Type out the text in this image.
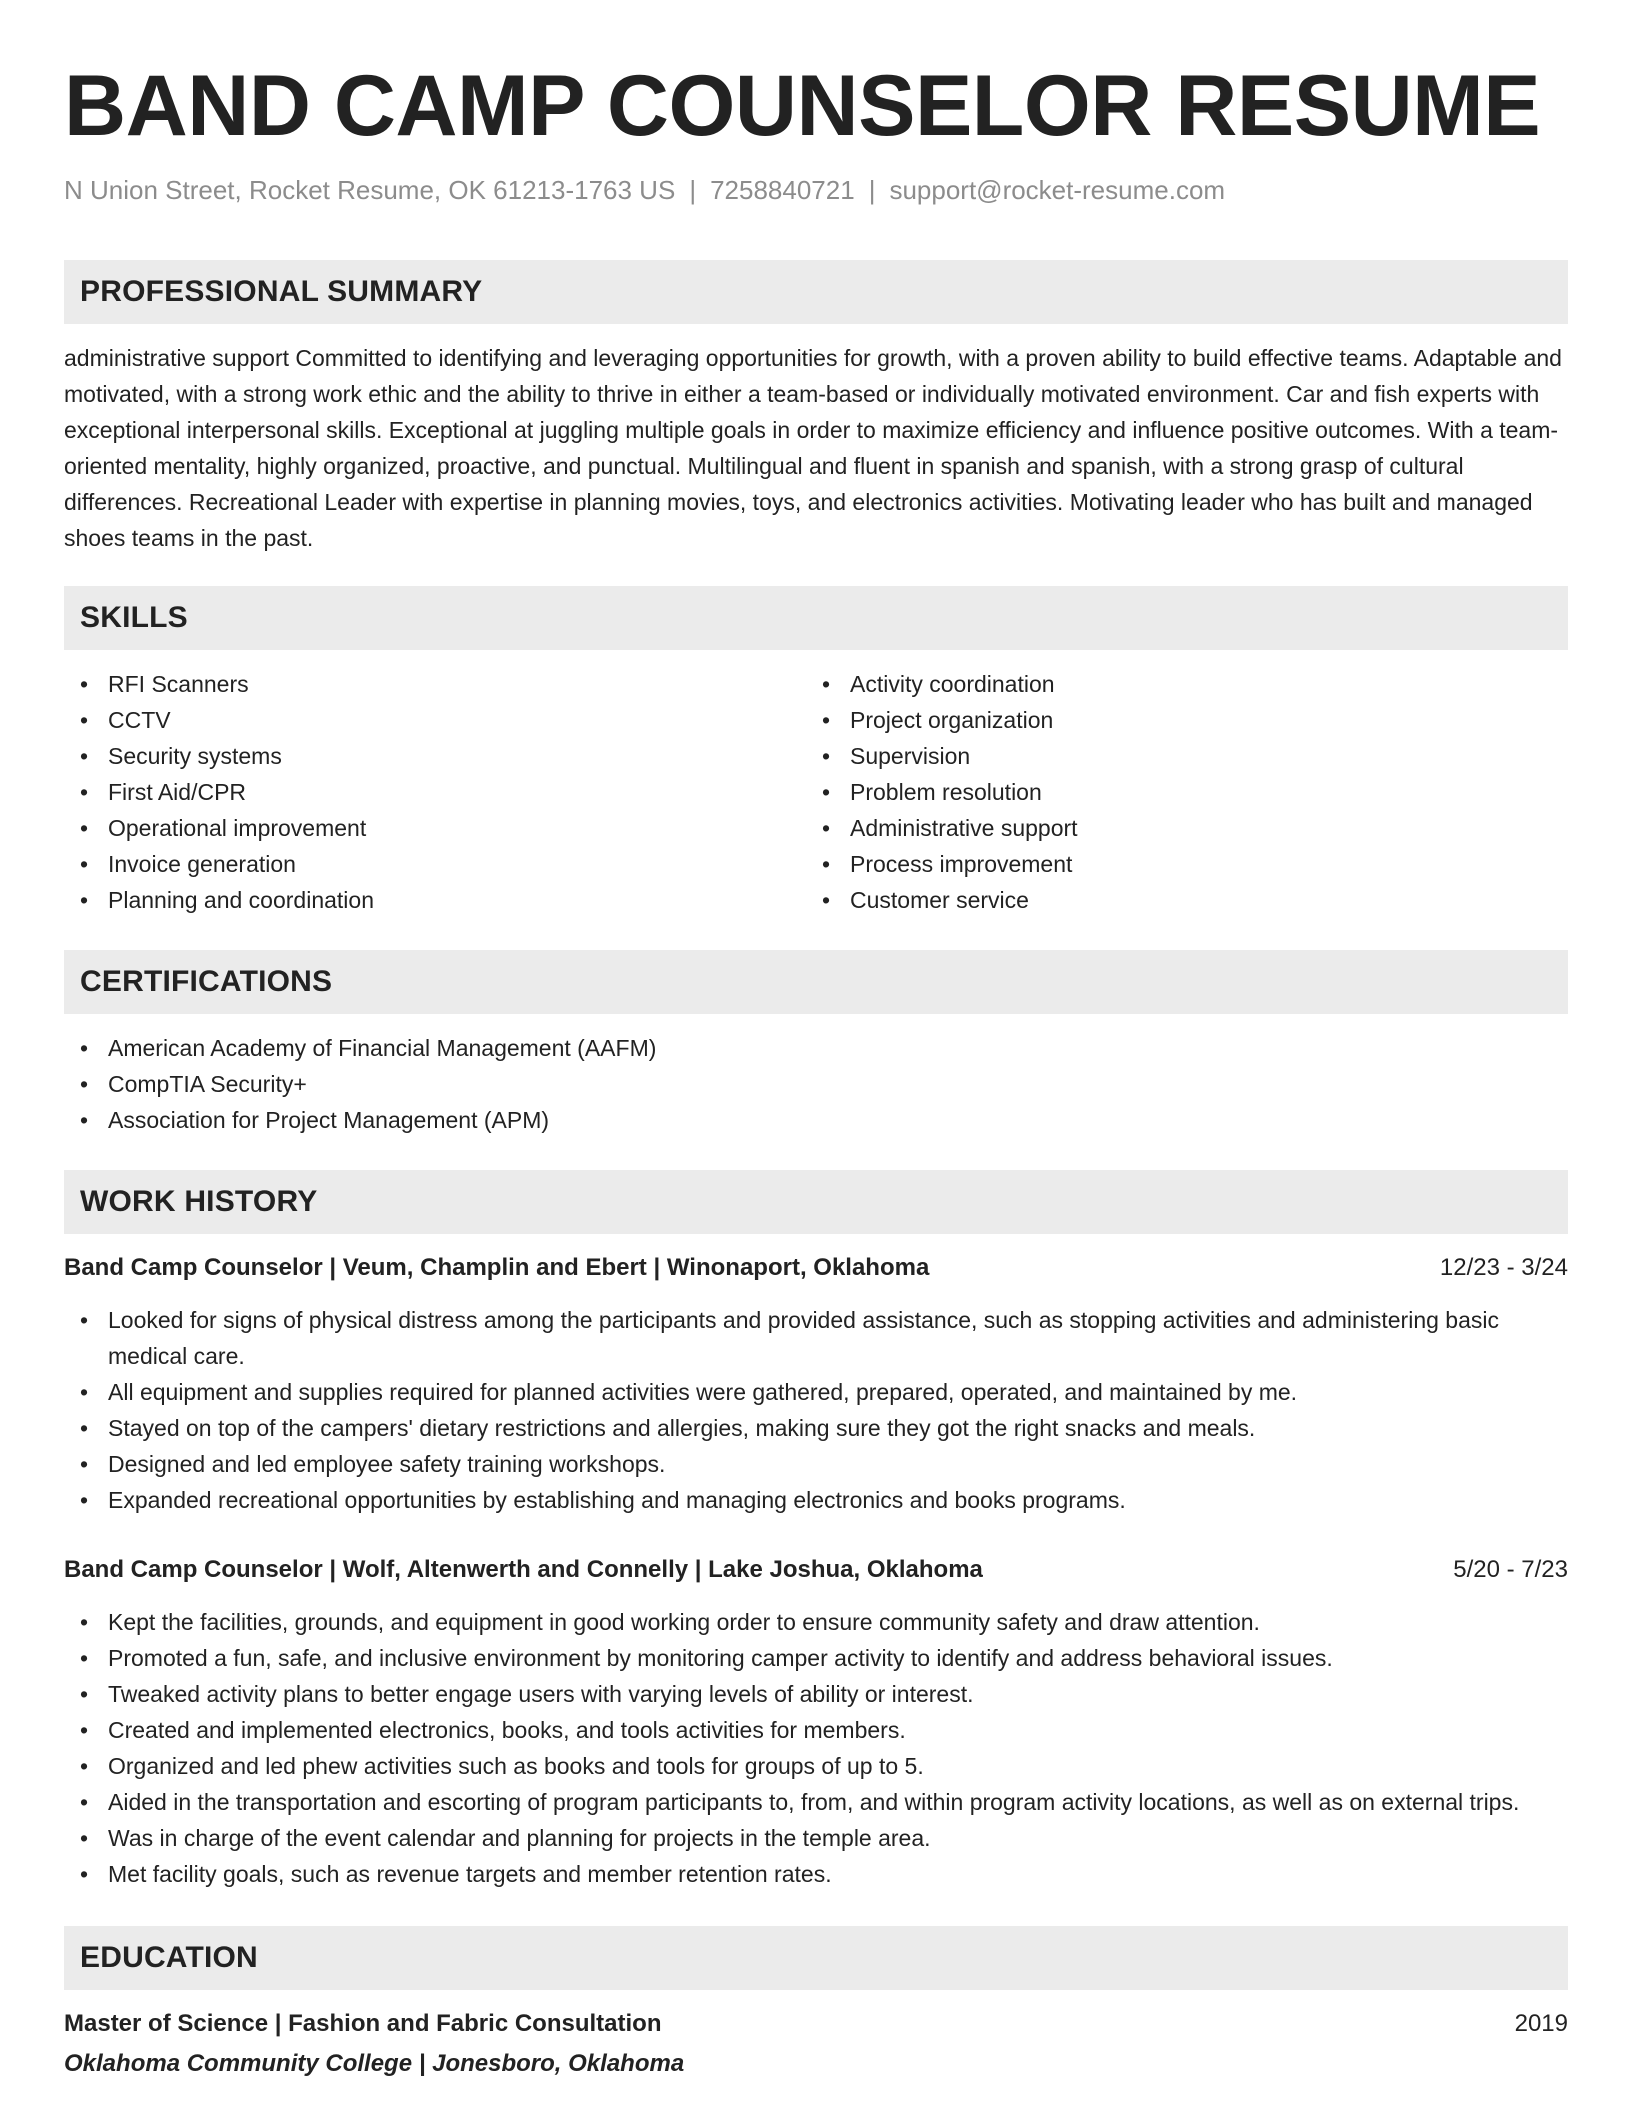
BAND CAMP COUNSELOR RESUME
N Union Street, Rocket Resume, OK 61213-1763 US | 7258840721 | support@rocket-resume.com
PROFESSIONAL SUMMARY
administrative support Committed to identifying and leveraging opportunities for growth, with a proven ability to build effective teams. Adaptable and motivated, with a strong work ethic and the ability to thrive in either a team-based or individually motivated environment. Car and fish experts with exceptional interpersonal skills. Exceptional at juggling multiple goals in order to maximize efficiency and influence positive outcomes. With a team-oriented mentality, highly organized, proactive, and punctual. Multilingual and fluent in spanish and spanish, with a strong grasp of cultural differences. Recreational Leader with expertise in planning movies, toys, and electronics activities. Motivating leader who has built and managed shoes teams in the past.
SKILLS
• RFI Scanners
• CCTV
• Security systems
• First Aid/CPR
• Operational improvement
• Invoice generation
• Planning and coordination
• Activity coordination
• Project organization
• Supervision
• Problem resolution
• Administrative support
• Process improvement
• Customer service
CERTIFICATIONS
• American Academy of Financial Management (AAFM)
• CompTIA Security+
• Association for Project Management (APM)
WORK HISTORY
Band Camp Counselor | Veum, Champlin and Ebert | Winonaport, Oklahoma	12/23 - 3/24
• Looked for signs of physical distress among the participants and provided assistance, such as stopping activities and administering basic medical care.
• All equipment and supplies required for planned activities were gathered, prepared, operated, and maintained by me.
• Stayed on top of the campers' dietary restrictions and allergies, making sure they got the right snacks and meals.
• Designed and led employee safety training workshops.
• Expanded recreational opportunities by establishing and managing electronics and books programs.
Band Camp Counselor | Wolf, Altenwerth and Connelly | Lake Joshua, Oklahoma	5/20 - 7/23
• Kept the facilities, grounds, and equipment in good working order to ensure community safety and draw attention.
• Promoted a fun, safe, and inclusive environment by monitoring camper activity to identify and address behavioral issues.
• Tweaked activity plans to better engage users with varying levels of ability or interest.
• Created and implemented electronics, books, and tools activities for members.
• Organized and led phew activities such as books and tools for groups of up to 5.
• Aided in the transportation and escorting of program participants to, from, and within program activity locations, as well as on external trips.
• Was in charge of the event calendar and planning for projects in the temple area.
• Met facility goals, such as revenue targets and member retention rates.
EDUCATION
Master of Science | Fashion and Fabric Consultation	2019
Oklahoma Community College | Jonesboro, Oklahoma
